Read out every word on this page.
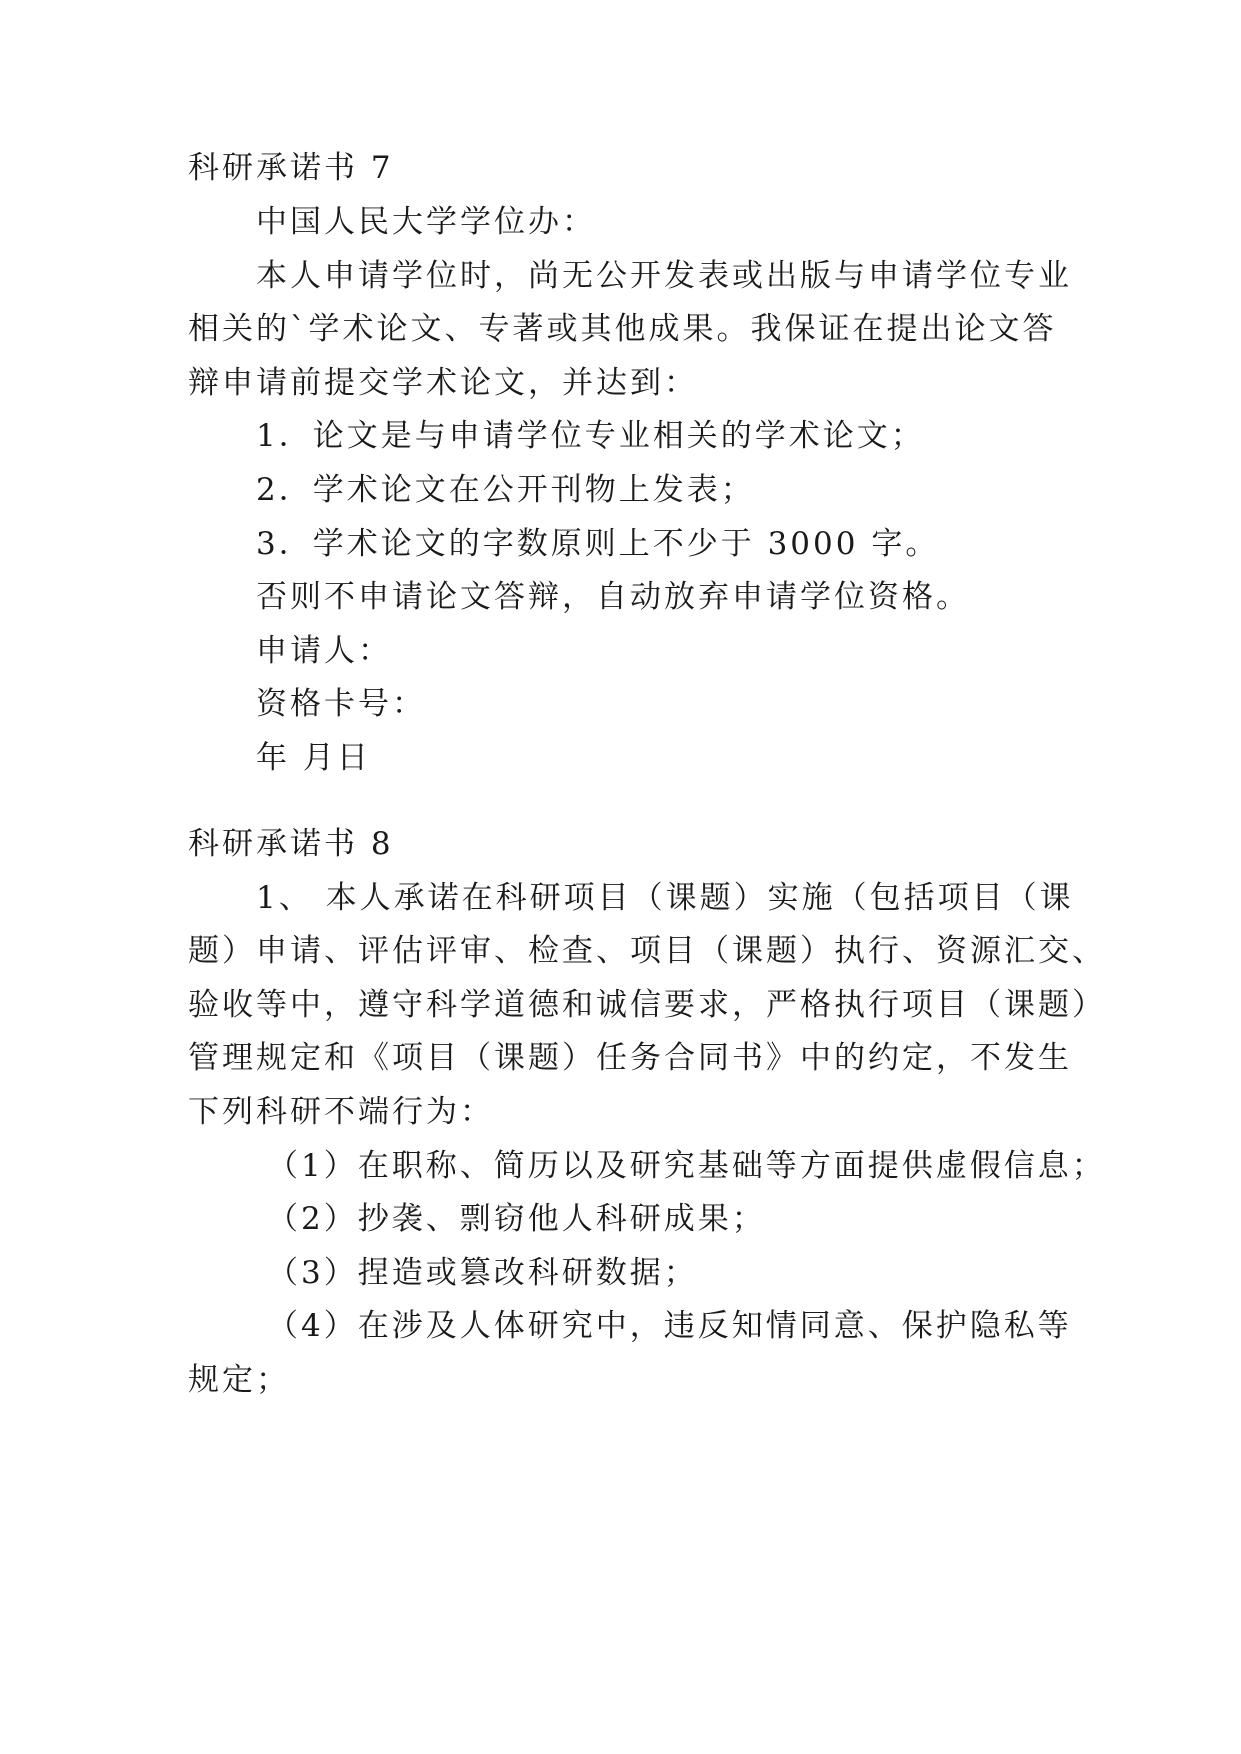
科研承诺书 7
中国人民大学学位办：
本人申请学位时，尚无公开发表或出版与申请学位专业
相关的`学术论文、专著或其他成果。我保证在提出论文答
辩申请前提交学术论文，并达到：
1．论文是与申请学位专业相关的学术论文；
2．学术论文在公开刊物上发表；
3．学术论文的字数原则上不少于 3000 字。
否则不申请论文答辩，自动放弃申请学位资格。
申请人：
资格卡号：
年 月日
科研承诺书 8
1、 本人承诺在科研项目（课题）实施（包括项目（课
题）申请、评估评审、检查、项目（课题）执行、资源汇交、
验收等中，遵守科学道德和诚信要求，严格执行项目（课题）
管理规定和《项目（课题）任务合同书》中的约定，不发生
下列科研不端行为：
（1）在职称、简历以及研究基础等方面提供虚假信息；
（2）抄袭、剽窃他人科研成果；
（3）捏造或篡改科研数据；
（4）在涉及人体研究中，违反知情同意、保护隐私等
规定；
